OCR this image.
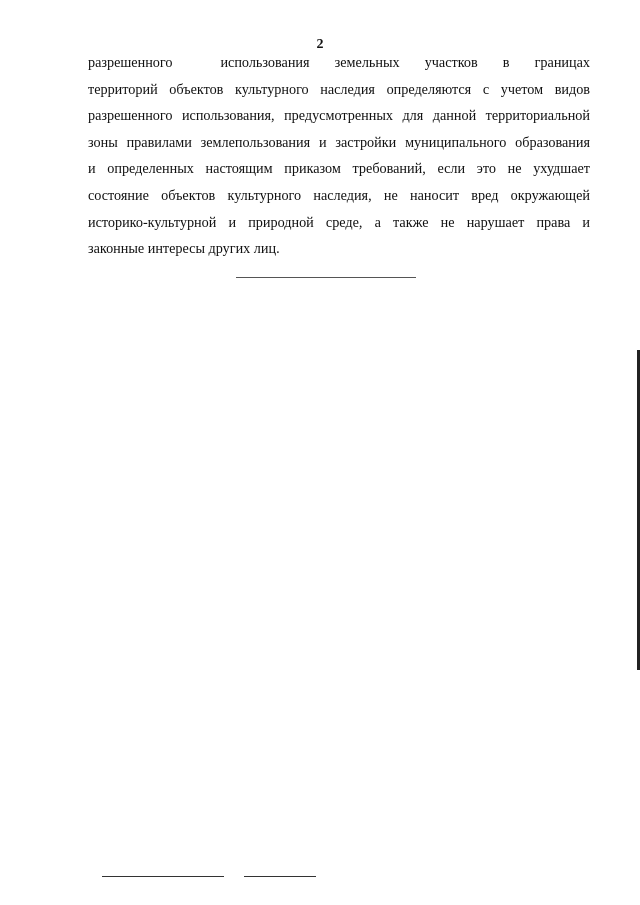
2
разрешенного	использования земельных участков в границах
территорий объектов культурного наследия определяются с учетом видов
разрешенного использования, предусмотренных для данной территориальной
зоны правилами землепользования и застройки муниципального образования
и определенных настоящим приказом требований, если это не ухудшает
состояние объектов культурного наследия, не наносит вред окружающей
историко-культурной и природной среде, а также не нарушает права и
законные интересы других лиц.
